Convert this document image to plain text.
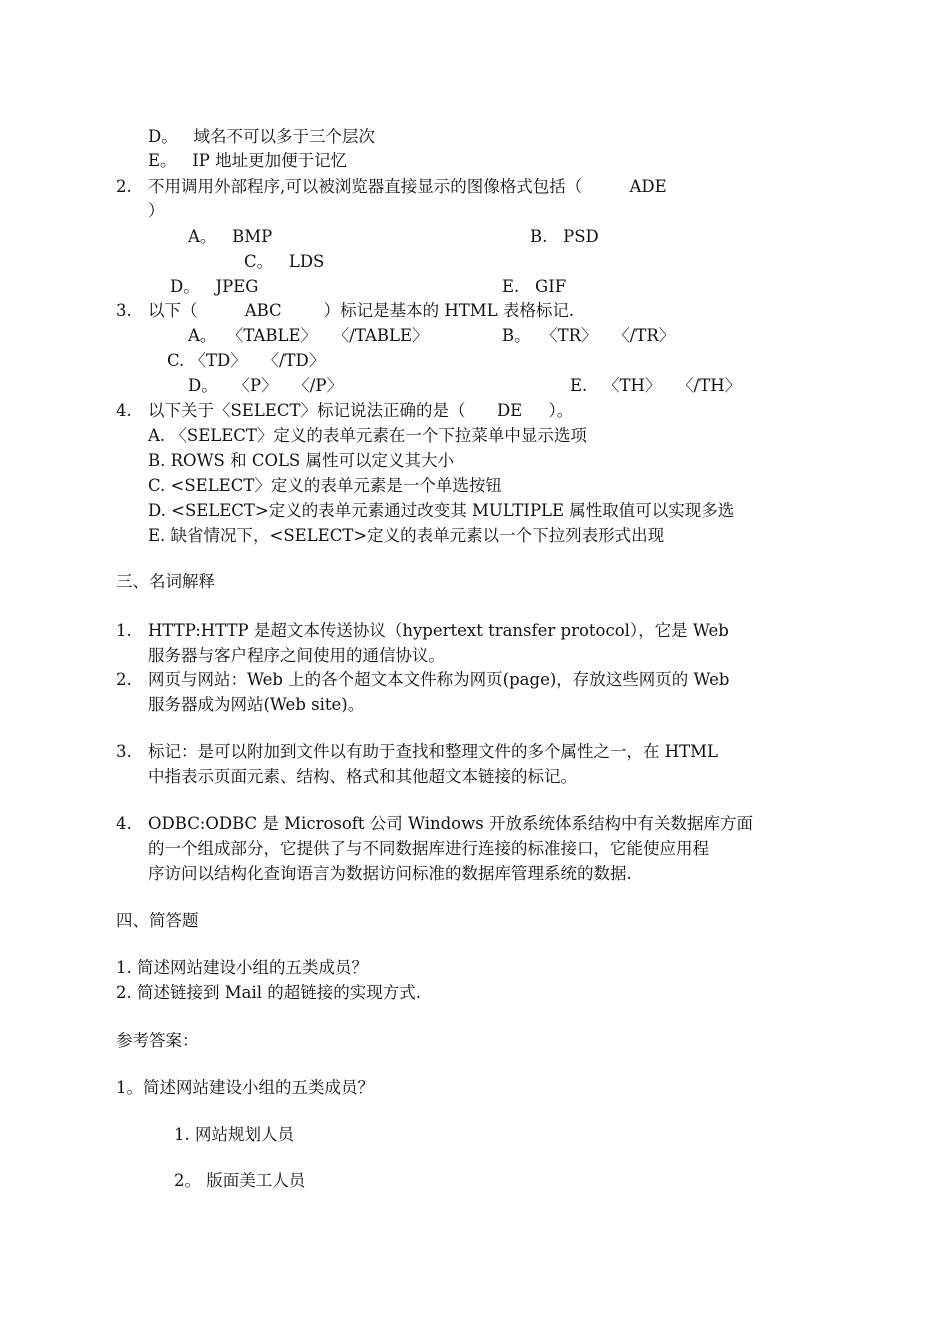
D。   域名不可以多于三个层次
E。   IP 地址更加便于记忆
2. 不用调用外部程序,可以被浏览器直接显示的图像格式包括（         ADE
）
A。   BMP	B.   PSD
C。   LDS
D。   JPEG	E.   GIF
3. 以下（         ABC        ）标记是基本的 HTML 表格标记.
A。  〈TABLE〉   〈/TABLE〉	B。  〈TR〉   〈/TR〉
C. 〈TD〉   〈/TD〉
D。   〈P〉   〈/P〉	E.   〈TH〉   〈/TH〉
4. 以下关于〈SELECT〉标记说法正确的是（      DE     ）。
A. 〈SELECT〉定义的表单元素在一个下拉菜单中显示选项
B. ROWS 和 COLS 属性可以定义其大小
C. <SELECT〉定义的表单元素是一个单选按钮
D. <SELECT>定义的表单元素通过改变其 MULTIPLE 属性取值可以实现多选
E. 缺省情况下，<SELECT>定义的表单元素以一个下拉列表形式出现
三、名词解释
1. HTTP:HTTP 是超文本传送协议（hypertext transfer protocol），它是 Web
服务器与客户程序之间使用的通信协议。
2. 网页与网站：Web 上的各个超文本文件称为网页(page)，存放这些网页的 Web
服务器成为网站(Web site)。
3. 标记：是可以附加到文件以有助于查找和整理文件的多个属性之一，在 HTML
中指表示页面元素、结构、格式和其他超文本链接的标记。
4. ODBC:ODBC 是 Microsoft 公司 Windows 开放系统体系结构中有关数据库方面
的一个组成部分，它提供了与不同数据库进行连接的标准接口，它能使应用程
序访问以结构化查询语言为数据访问标准的数据库管理系统的数据.
四、简答题
1. 简述网站建设小组的五类成员？
2. 简述链接到 Mail 的超链接的实现方式.
参考答案：
1。简述网站建设小组的五类成员？
1. 网站规划人员
2。 版面美工人员
